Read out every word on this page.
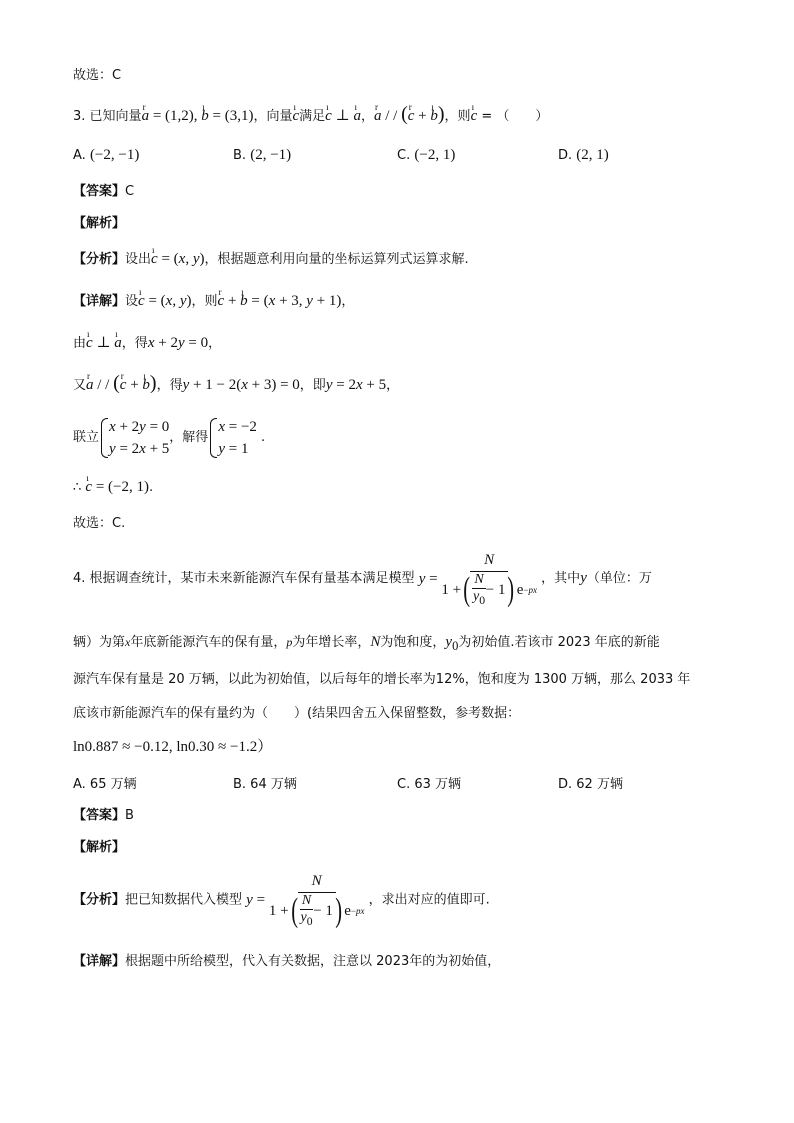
故选：C
3. 已知向量r a = (1,2), ı b = (3,1)，向量ı c满足ı c ⊥ ı a，r a / / (r c + ı b)，则ı c = （　　）
A. (−2, −1)	B. (2, −1)	C. (−2, 1)	D. (2, 1)
【答案】C
【解析】
【分析】设出ı c = (x, y)，根据题意利用向量的坐标运算列式运算求解.
【详解】设ı c = (x, y)，则r c + ı b = (x + 3, y + 1)，
由ı c ⊥ ı a，得x + 2y = 0，
又r a / / (r c + ı b)，得y + 1 − 2(x + 3) = 0，即y = 2x + 5，
联立x + 2y = 0
y = 2x + 5，解得x = −2
y = 1 .
∴ ı c = (−2, 1).
故选：C.
4. 根据调查统计，某市未来新能源汽车保有量基本满足模型 $y = \frac{N}{1 + ( \frac{N}{y_0} - 1 ) e -px}$ ，其中y（单位：万
辆）为第x年底新能源汽车的保有量，p为年增长率，N为饱和度，$y_0$为初始值.若该市 2023 年底的新能
源汽车保有量是 20 万辆，以此为初始值，以后每年的增长率为12%，饱和度为 1300 万辆，那么 2033 年
底该市新能源汽车的保有量约为（　　）(结果四舍五入保留整数，参考数据：
ln0.887 ≈ −0.12, ln0.30 ≈ −1.2）
A. 65 万辆	B. 64 万辆	C. 63 万辆	D. 62 万辆
【答案】B
【解析】
【分析】把已知数据代入模型 $y = \frac{N}{1 + ( \frac{N}{y_0} - 1 ) e -px}$ ，求出对应的值即可.
【详解】根据题中所给模型，代入有关数据，注意以 2023年的为初始值，
